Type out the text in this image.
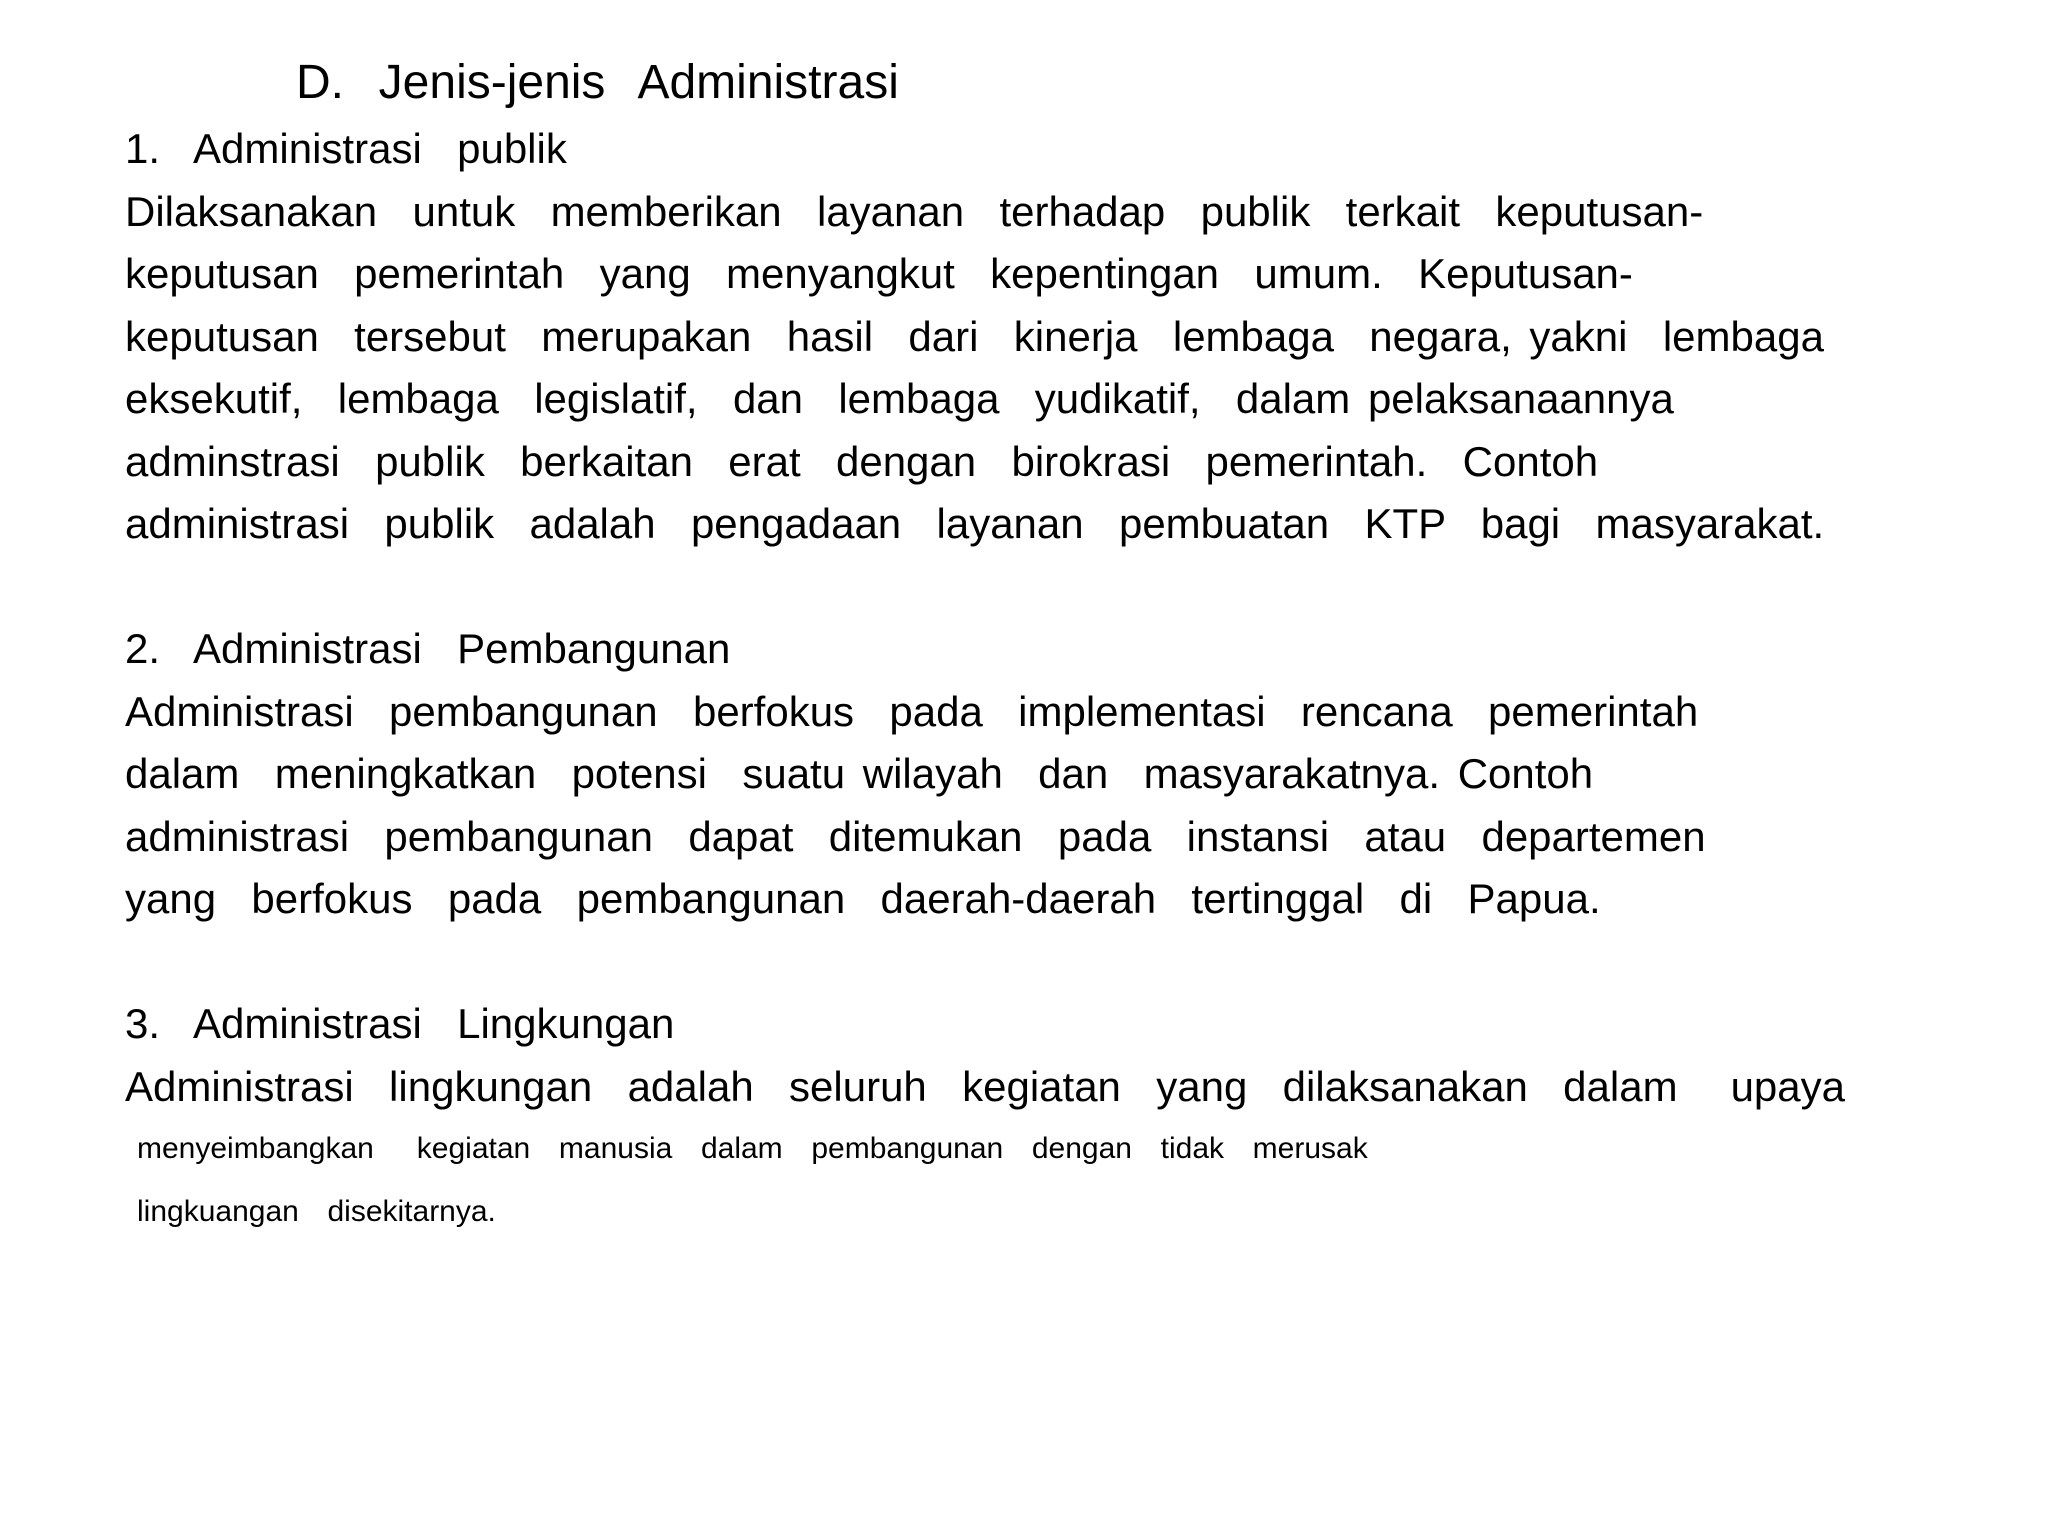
D.  Jenis-jenis  Administrasi
1.  Administrasi  publik
Dilaksanakan  untuk  memberikan  layanan  terhadap  publik  terkait  keputusan-
keputusan  pemerintah  yang  menyangkut  kepentingan  umum.  Keputusan-
keputusan  tersebut  merupakan  hasil  dari  kinerja  lembaga  negara, yakni  lembaga
eksekutif,  lembaga  legislatif,  dan  lembaga  yudikatif,  dalam pelaksanaannya
adminstrasi  publik  berkaitan  erat  dengan  birokrasi  pemerintah.  Contoh
administrasi  publik  adalah  pengadaan  layanan  pembuatan  KTP  bagi  masyarakat.
2.  Administrasi  Pembangunan
Administrasi  pembangunan  berfokus  pada  implementasi  rencana  pemerintah
dalam  meningkatkan  potensi  suatu wilayah  dan  masyarakatnya. Contoh
administrasi  pembangunan  dapat  ditemukan  pada  instansi  atau  departemen
yang  berfokus  pada  pembangunan  daerah-daerah  tertinggal  di  Papua.
3.  Administrasi  Lingkungan
Administrasi  lingkungan  adalah  seluruh  kegiatan  yang  dilaksanakan  dalam   upaya
menyeimbangkan   kegiatan  manusia  dalam  pembangunan  dengan  tidak  merusak
lingkuangan  disekitarnya.
